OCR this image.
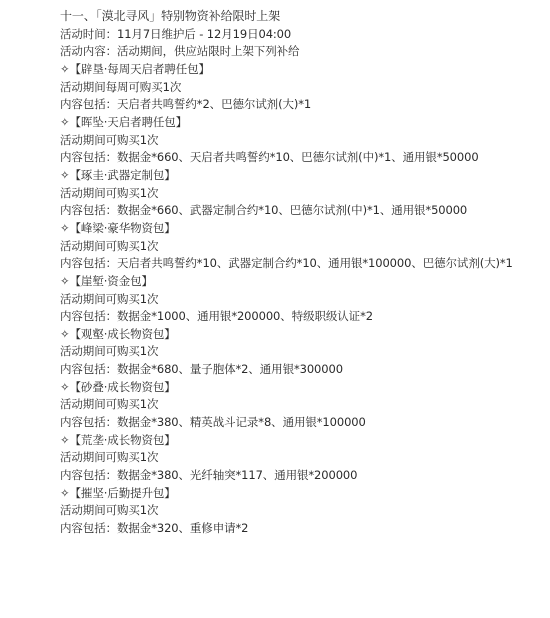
十一、「漠北寻风」特别物资补给限时上架
活动时间：11月7日维护后 - 12月19日04:00
活动内容：活动期间，供应站限时上架下列补给
✧【辟垦·每周天启者聘任包】
活动期间每周可购买1次
内容包括：天启者共鸣誓约*2、巴德尔试剂(大)*1
✧【晖坠·天启者聘任包】
活动期间可购买1次
内容包括：数据金*660、天启者共鸣誓约*10、巴德尔试剂(中)*1、通用银*50000
✧【琢圭·武器定制包】
活动期间可购买1次
内容包括：数据金*660、武器定制合约*10、巴德尔试剂(中)*1、通用银*50000
✧【峰梁·豪华物资包】
活动期间可购买1次
内容包括：天启者共鸣誓约*10、武器定制合约*10、通用银*100000、巴德尔试剂(大)*1
✧【崖堑·资金包】
活动期间可购买1次
内容包括：数据金*1000、通用银*200000、特级职级认证*2
✧【观壑·成长物资包】
活动期间可购买1次
内容包括：数据金*680、量子胞体*2、通用银*300000
✧【砂叠·成长物资包】
活动期间可购买1次
内容包括：数据金*380、精英战斗记录*8、通用银*100000
✧【荒垄·成长物资包】
活动期间可购买1次
内容包括：数据金*380、光纤轴突*117、通用银*200000
✧【摧坚·后勤提升包】
活动期间可购买1次
内容包括：数据金*320、重修申请*2
